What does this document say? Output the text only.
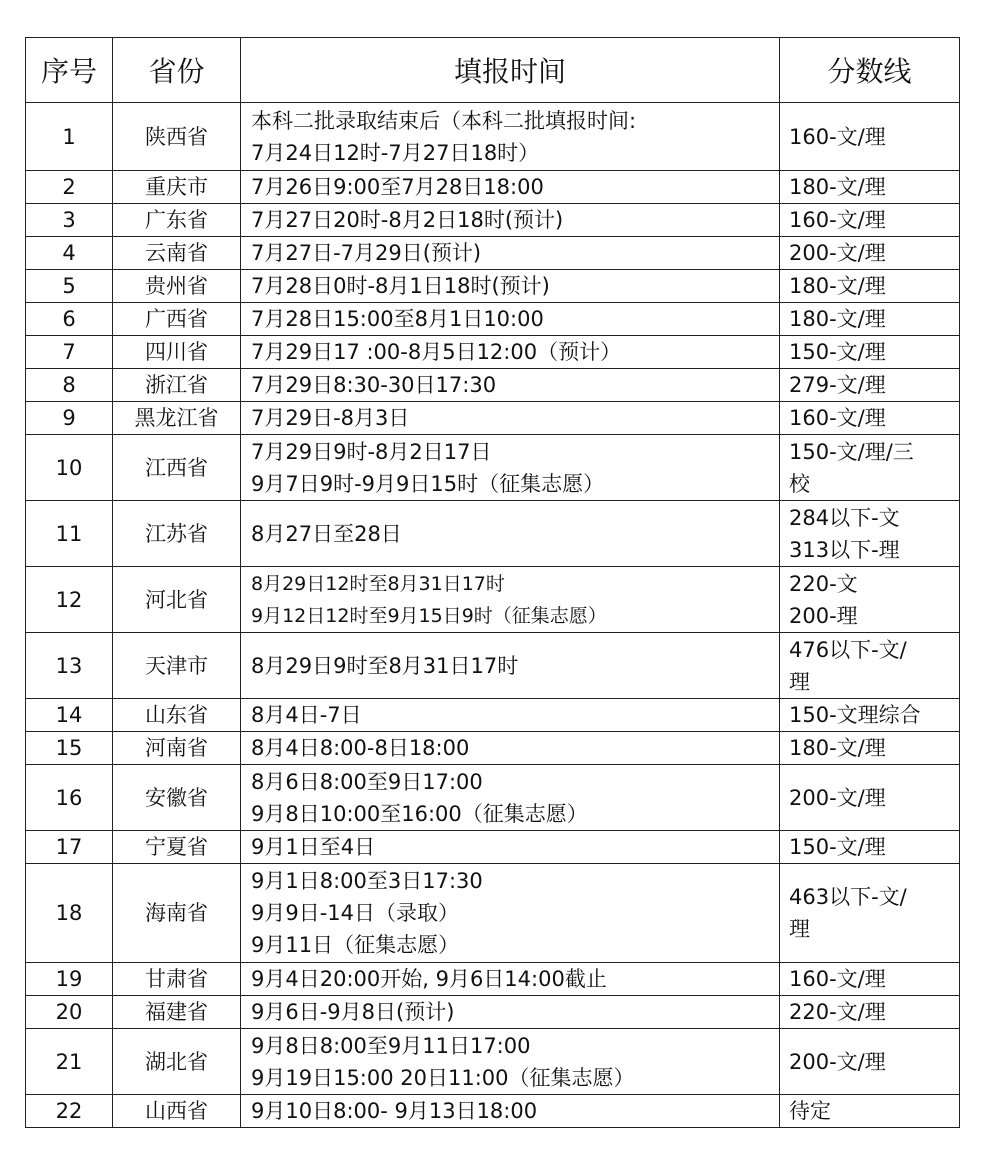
序号	省份	填报时间	分数线
1	陕西省	本科二批录取结束后（本科二批填报时间:
7月24日12时-7月27日18时）	160-文/理

2	重庆市	7月26日9:00至7月28日18:00	180-文/理

3	广东省	7月27日20时-8月2日18时(预计)	160-文/理

4	云南省	7月27日-7月29日(预计)	200-文/理

5	贵州省	7月28日0时-8月1日18时(预计)	180-文/理

6	广西省	7月28日15:00至8月1日10:00	180-文/理

7	四川省	7月29日17 :00-8月5日12:00（预计）	150-文/理

8	浙江省	7月29日8:30-30日17:30	279-文/理

9	黑龙江省	7月29日-8月3日	160-文/理

10	江西省	7月29日9时-8月2日17日
9月7日9时-9月9日15时（征集志愿）	150-文/理/三
校

11	江苏省	8月27日至28日	284以下-文
313以下-理

12	河北省	8月29日12时至8月31日17时
9月12日12时至9月15日9时（征集志愿）	220-文
200-理

13	天津市	8月29日9时至8月31日17时	476以下-文/
理

14	山东省	8月4日-7日	150-文理综合

15	河南省	8月4日8:00-8日18:00	180-文/理

16	安徽省	8月6日8:00至9日17:00
9月8日10:00至16:00（征集志愿）	200-文/理

17	宁夏省	9月1日至4日	150-文/理

18	海南省	9月1日8:00至3日17:30
9月9日-14日（录取）
9月11日（征集志愿）	463以下-文/
理

19	甘肃省	9月4日20:00开始, 9月6日14:00截止	160-文/理

20	福建省	9月6日-9月8日(预计)	220-文/理

21	湖北省	9月8日8:00至9月11日17:00
9月19日15:00 20日11:00（征集志愿）	200-文/理

22	山西省	9月10日8:00- 9月13日18:00	待定
